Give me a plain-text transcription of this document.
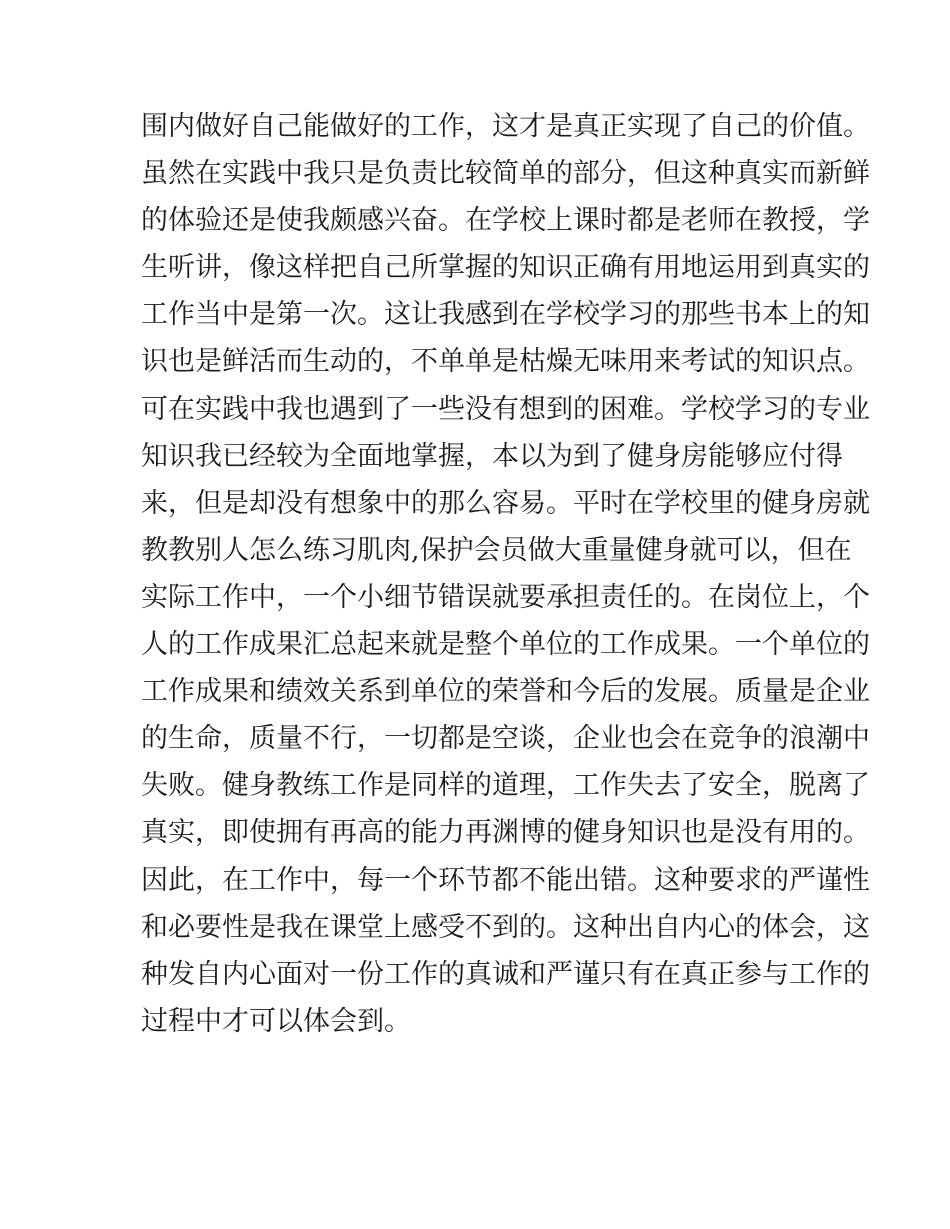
围内做好自己能做好的工作，这才是真正实现了自己的价值。
虽然在实践中我只是负责比较简单的部分，但这种真实而新鲜
的体验还是使我颇感兴奋。在学校上课时都是老师在教授，学
生听讲，像这样把自己所掌握的知识正确有用地运用到真实的
工作当中是第一次。这让我感到在学校学习的那些书本上的知
识也是鲜活而生动的，不单单是枯燥无味用来考试的知识点。
可在实践中我也遇到了一些没有想到的困难。学校学习的专业
知识我已经较为全面地掌握，本以为到了健身房能够应付得
来，但是却没有想象中的那么容易。平时在学校里的健身房就
教教别人怎么练习肌肉,保护会员做大重量健身就可以，但在
实际工作中，一个小细节错误就要承担责任的。在岗位上，个
人的工作成果汇总起来就是整个单位的工作成果。一个单位的
工作成果和绩效关系到单位的荣誉和今后的发展。质量是企业
的生命，质量不行，一切都是空谈，企业也会在竞争的浪潮中
失败。健身教练工作是同样的道理，工作失去了安全，脱离了
真实，即使拥有再高的能力再渊博的健身知识也是没有用的。
因此，在工作中，每一个环节都不能出错。这种要求的严谨性
和必要性是我在课堂上感受不到的。这种出自内心的体会，这
种发自内心面对一份工作的真诚和严谨只有在真正参与工作的
过程中才可以体会到。
